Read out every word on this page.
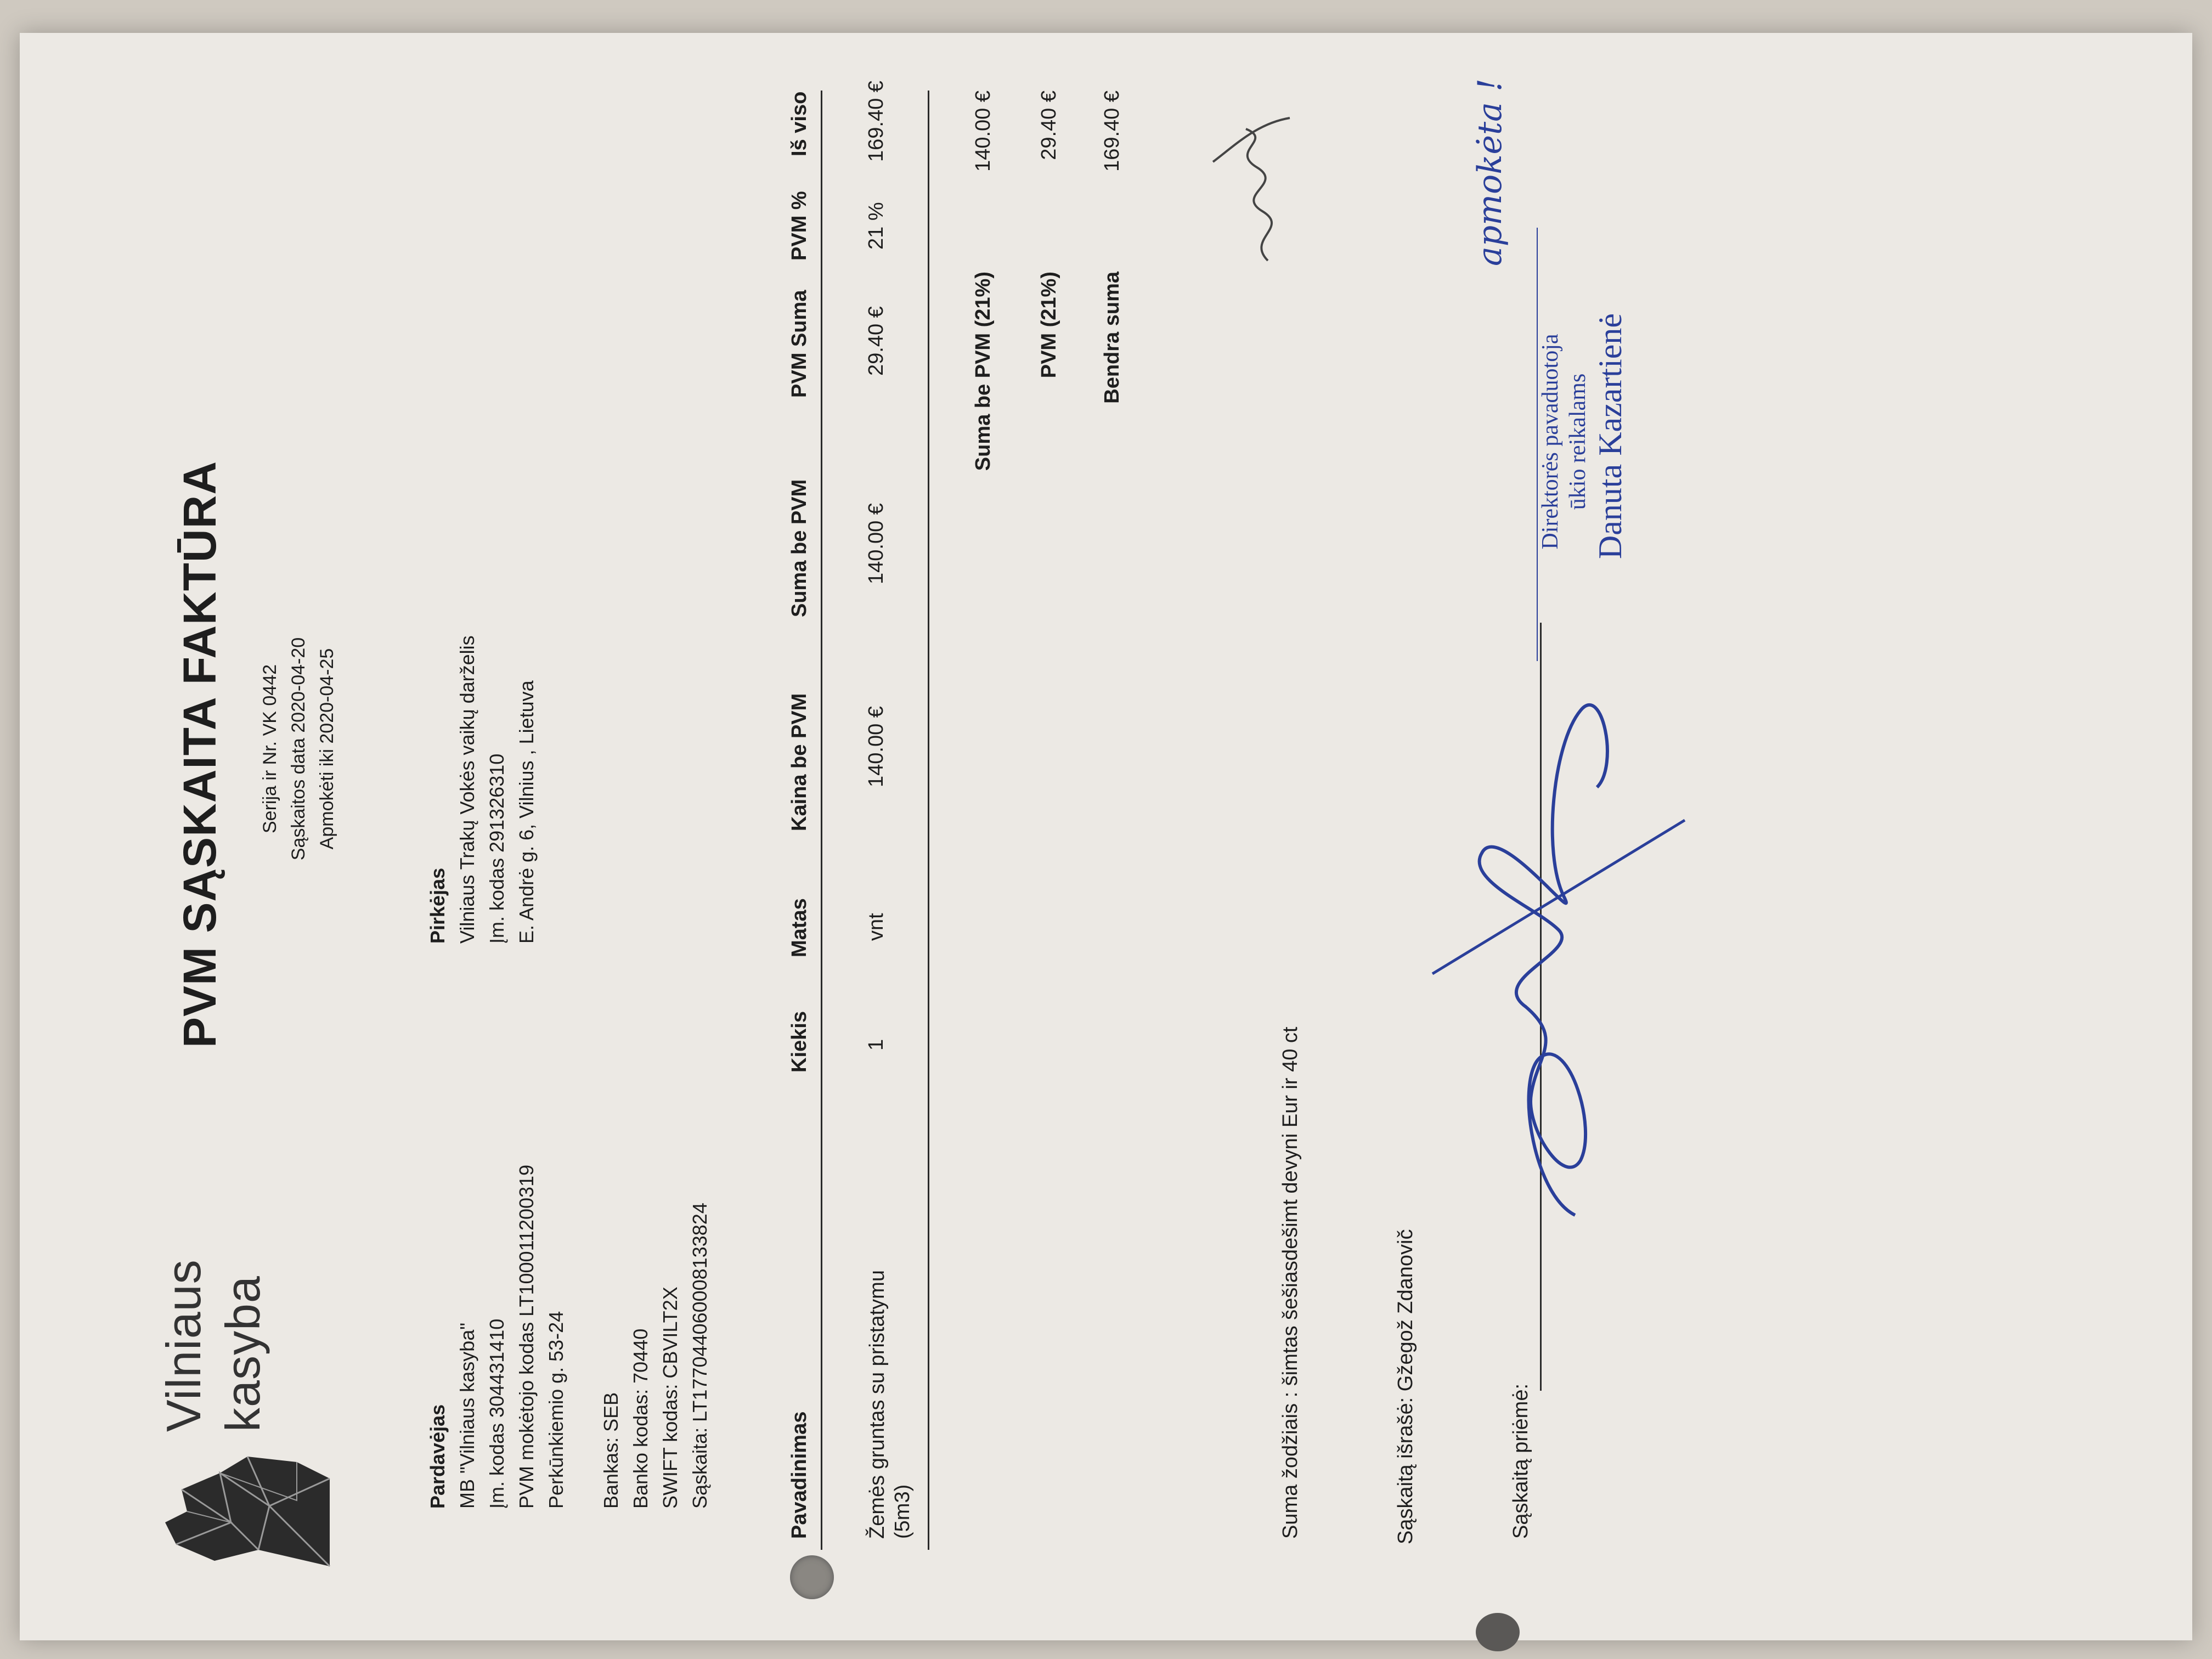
Vilniaus kasyba
PVM SĄSKAITA FAKTŪRA Serija ir Nr. VK 0442 Sąskaitos data 2020-04-20 Apmokėti iki 2020-04-25
Pardavėjas MB "Vilniaus kasyba" Įm. kodas 304431410 PVM mokėtojo kodas LT100011200319 Perkūnkiemio g. 53-24 Bankas: SEB Banko kodas: 70440 SWIFT kodas: CBVILT2X Sąskaita: LT177044060008133824
Pirkėjas Vilniaus Trakų Vokės vaikų darželis Įm. kodas 291326310 E. Andrė g. 6, Vilnius , Lietuva
Pavadinimas
Kiekis
Matas
Kaina be PVM
Suma be PVM
PVM Suma
PVM %
Iš viso
Žemės gruntas su pristatymu (5m3)
1
vnt
140.00 €
140.00 €
29.40 €
21 %
169.40 €
Suma be PVM (21%)
140.00 €
PVM (21%)
29.40 €
Bendra suma
169.40 €
Suma žodžiais : šimtas šešiasdešimt devyni Eur ir 40 ct	Sąskaitą išrašė: Gžegož Zdanovič	Sąskaitą priėmė:
Direktorės pavaduotoja ūkio reikalams Danuta Kazartienė
apmokėta !
